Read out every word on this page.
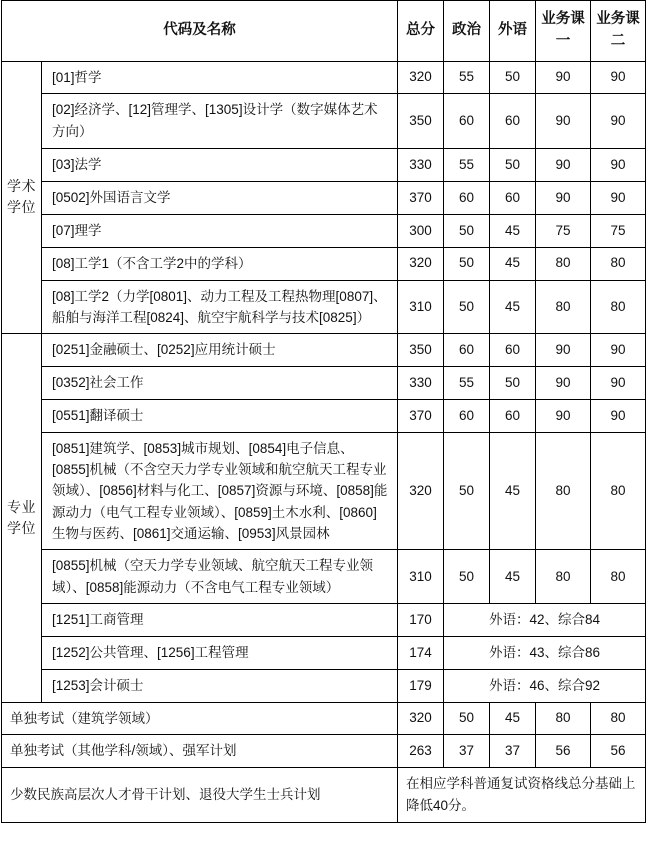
代码及名称		总分	政治	外语	业务课一	业务课二
学术学位	[01]哲学	320	55	50	90	90
	[02]经济学、[12]管理学、[1305]设计学（数字媒体艺术方向）	350	60	60	90	90
	[03]法学	330	55	50	90	90
	[0502]外国语言文学	370	60	60	90	90
	[07]理学	300	50	45	75	75
	[08]工学1（不含工学2中的学科）	320	50	45	80	80
	[08]工学2（力学[0801]、动力工程及工程热物理[0807]、船舶与海洋工程[0824]、航空宇航科学与技术[0825]）	310	50	45	80	80
专业学位	[0251]金融硕士、[0252]应用统计硕士	350	60	60	90	90
	[0352]社会工作	330	55	50	90	90
	[0551]翻译硕士	370	60	60	90	90
	[0851]建筑学、[0853]城市规划、[0854]电子信息、[0855]机械（不含空天力学专业领域和航空航天工程专业领域）、[0856]材料与化工、[0857]资源与环境、[0858]能源动力（电气工程专业领域）、[0859]土木水利、[0860]生物与医药、[0861]交通运输、[0953]风景园林	320	50	45	80	80
	[0855]机械（空天力学专业领域、航空航天工程专业领域）、[0858]能源动力（不含电气工程专业领域）	310	50	45	80	80
	[1251]工商管理	170	外语：42、综合84			
	[1252]公共管理、[1256]工程管理	174	外语：43、综合86			
	[1253]会计硕士	179	外语：46、综合92			
单独考试（建筑学领域）		320	50	45	80	80
单独考试（其他学科/领域）、强军计划		263	37	37	56	56
少数民族高层次人才骨干计划、退役大学生士兵计划		在相应学科普通复试资格线总分基础上降低40分。				
